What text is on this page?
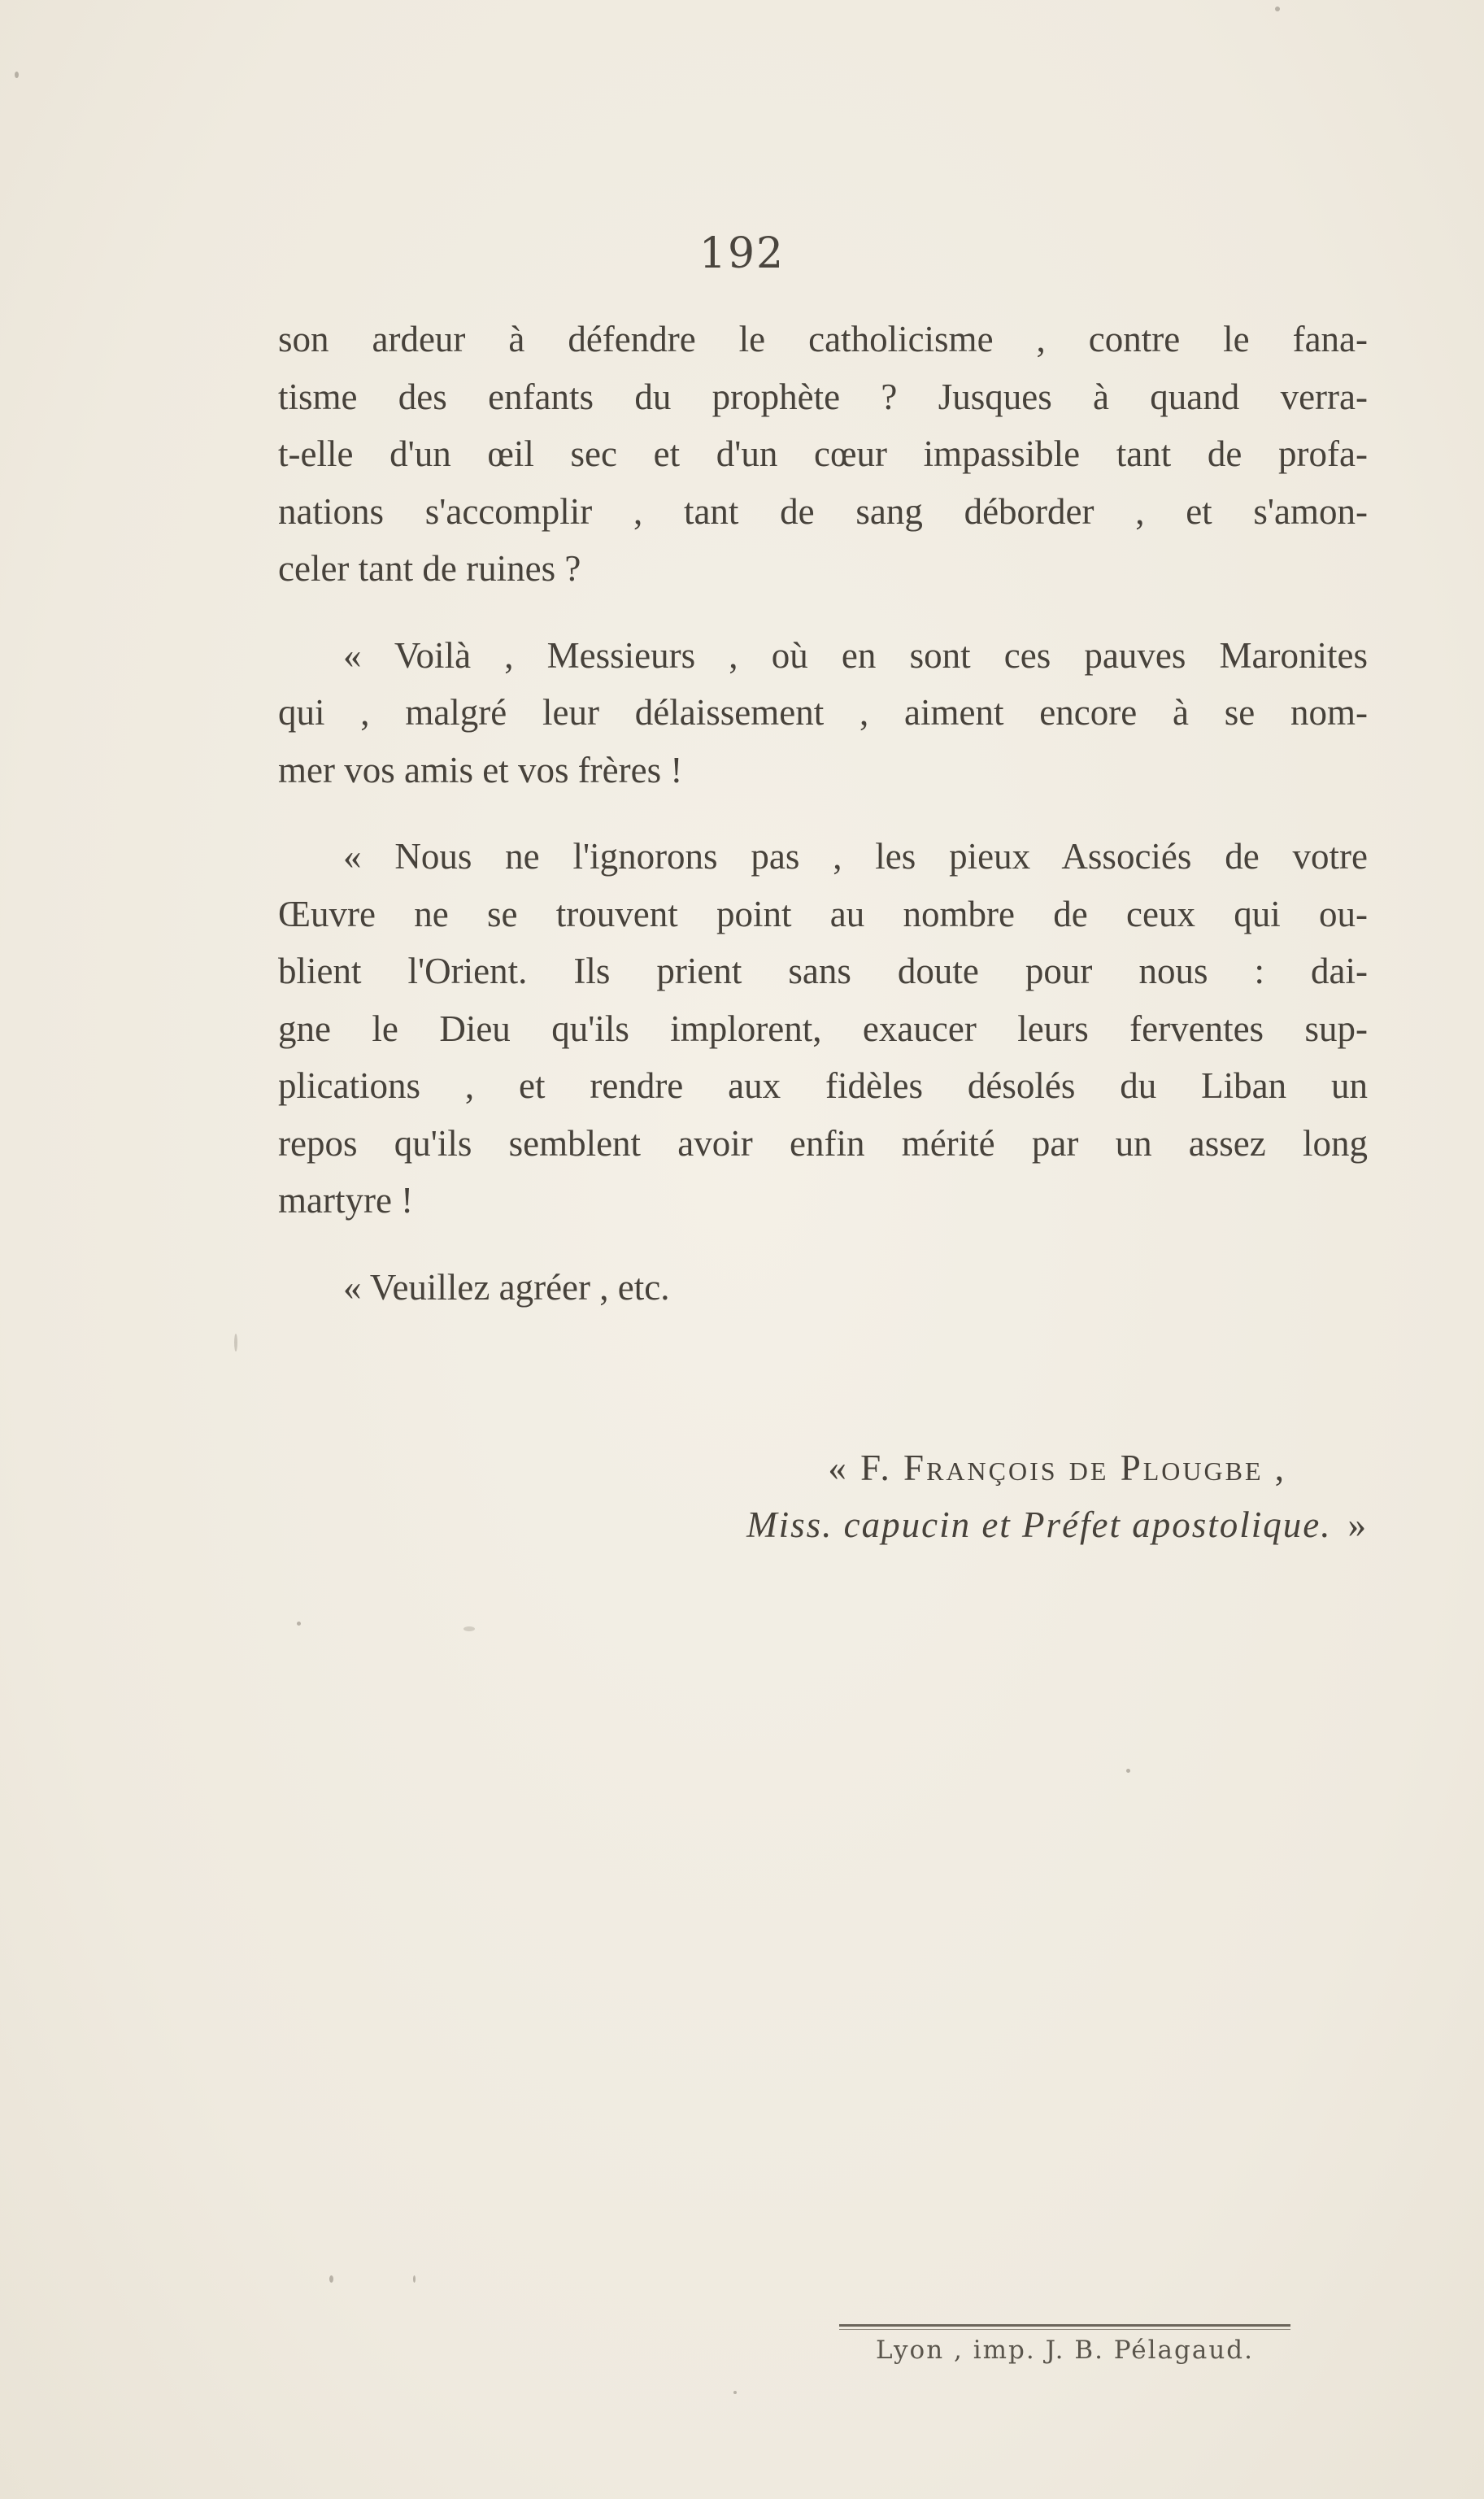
192

son ardeur à défendre le catholicisme , contre le fana-
tisme des enfants du prophète ? Jusques à quand verra-
t-elle d'un œil sec et d'un cœur impassible tant de profa-
nations s'accomplir , tant de sang déborder , et s'amon-
celer tant de ruines ?

« Voilà , Messieurs , où en sont ces pauves Maronites
qui , malgré leur délaissement , aiment encore à se nom-
mer vos amis et vos frères !

« Nous ne l'ignorons pas , les pieux Associés de votre
Œuvre ne se trouvent point au nombre de ceux qui ou-
blient l'Orient. Ils prient sans doute pour nous : dai-
gne le Dieu qu'ils implorent, exaucer leurs ferventes sup-
plications , et rendre aux fidèles désolés du Liban un
repos qu'ils semblent avoir enfin mérité par un assez long
martyre !

« Veuillez agréer , etc.

« F. François de Plougbe ,
Miss. capucin et Préfet apostolique. »
Lyon , imp. J. B. Pélagaud.
